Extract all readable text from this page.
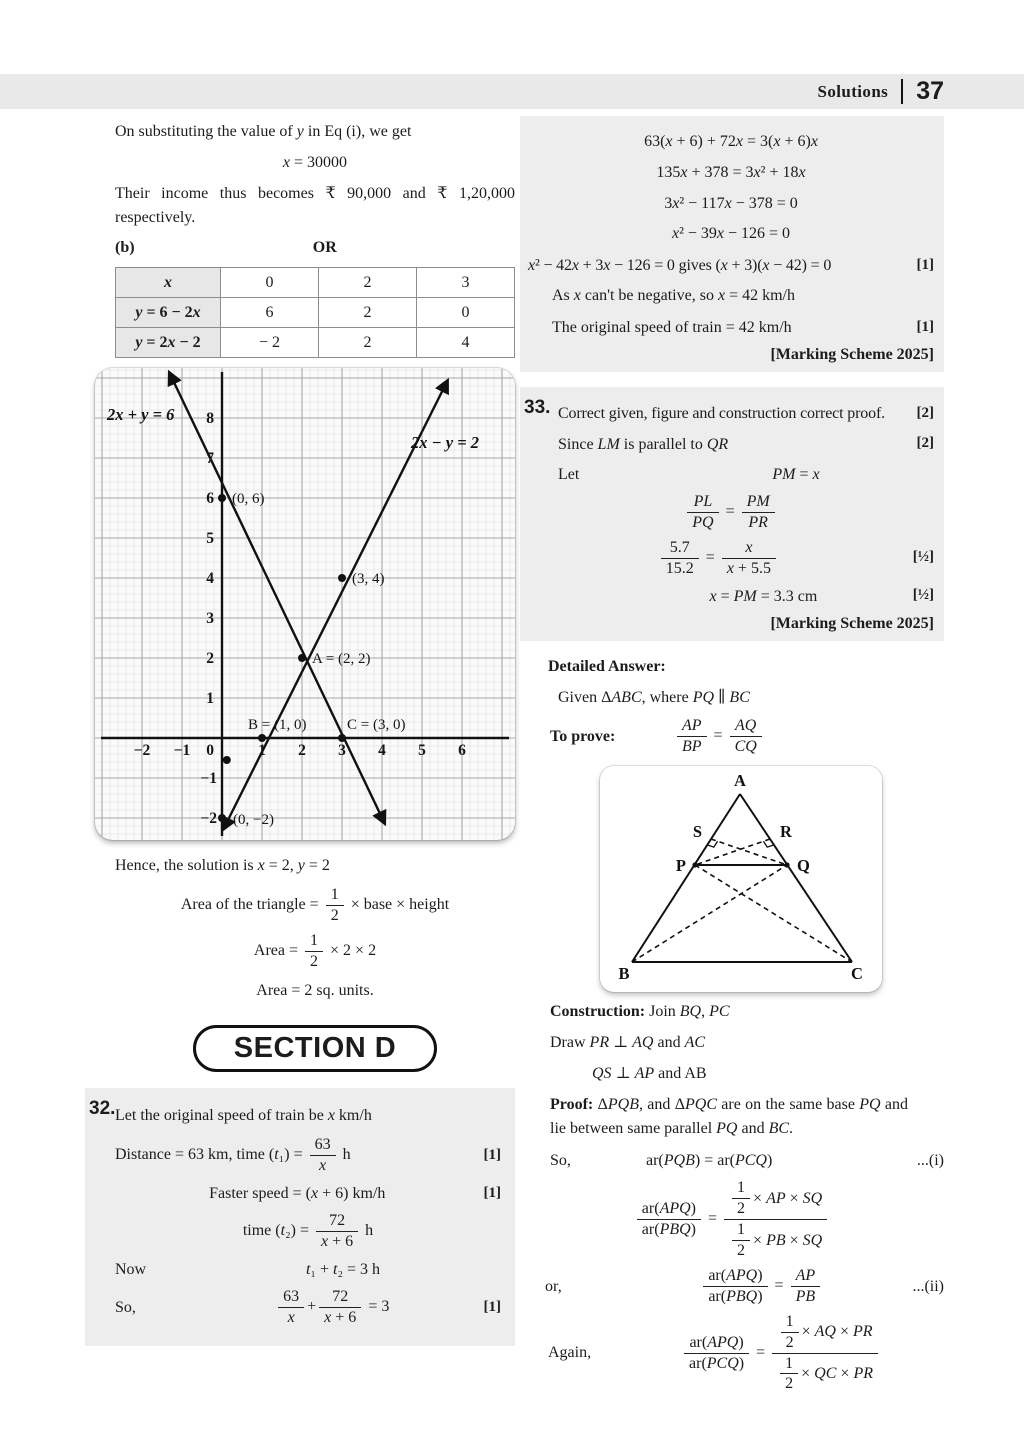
Solutions 37

On substituting the value of y in Eq (i), we get

x = 30000

Their income thus becomes ₹ 90,000 and ₹ 1,20,000 respectively.

(b)	OR
x	0	2	3
y = 6 − 2x	6	2	0
y = 2x − 2	− 2	2	4
2x + y = 6
2x − y = 2
−2 −1 0	1 2 3 4 5 6
1
2
3
4
5
6
7
8
−1
−2
(0, 6)
(3, 4)
A = (2, 2)
B = (1, 0)	C = (3, 0)
(0, −2)

Hence, the solution is x = 2, y = 2

Area of the triangle = $\frac{1}{2}$ × base × height
Area = $\frac{1}{2} \times 2 \times 2$

Area = 2 sq. units.

SECTION D
32. Let the original speed of train be x km/h

Distance = 63 km, time $(t_1) = \frac{63}{x}$ h	[1]
Faster speed = (x + 6) km/h	[1]
time $(t_2) = \frac{72}{x + 6}$ h
Now	t₁ + t₂ = 3 h
So,	$\frac{63}{x} + \frac{72}{x + 6} = 3$	[1]

63(x + 6) + 72x = 3(x + 6)x

135x + 378 = 3x² + 18x

3x² − 117x − 378 = 0

x² − 39x − 126 = 0

x² − 42x + 3x − 126 = 0 gives (x + 3)(x − 42) = 0	[1]

As x can't be negative, so x = 42 km/h

The original speed of train = 42 km/h	[1]

[Marking Scheme 2025]

33. Correct given, figure and construction correct proof.	[2]
Since LM is parallel to QR	[2]
Let	PM = x
$\frac{PL}{PQ} = \frac{PM}{PR}$
$\frac{5.7}{15.2} = \frac{x}{x + 5.5}$	[½]
x = PM = 3.3 cm	[½]

[Marking Scheme 2025]

Detailed Answer:

Given ΔABC, where PQ ∥ BC

To prove:	$\frac{AP}{BP} = \frac{AQ}{CQ}$
A
B	C
P	Q
S	R

Construction: Join BQ, PC

Draw PR ⊥ AQ and AC

QS ⊥ AP and AB

Proof: ΔPQB, and ΔPQC are on the same base PQ and lie between same parallel PQ and BC.

So,	ar(PQB) = ar(PCQ)	...(i)
$\frac{\text{ar(APQ)}}{\text{ar(PBQ)}} = \frac{\frac{1}{2} \times AP \times SQ}{\frac{1}{2} \times PB \times SQ}$
or,	$\frac{\text{ar(APQ)}}{\text{ar(PBQ)}} = \frac{AP}{PB}$	...(ii)
Again,	$\frac{\text{ar(APQ)}}{\text{ar(PCQ)}} = \frac{\frac{1}{2} \times AQ \times PR}{\frac{1}{2} \times QC \times PR}$
